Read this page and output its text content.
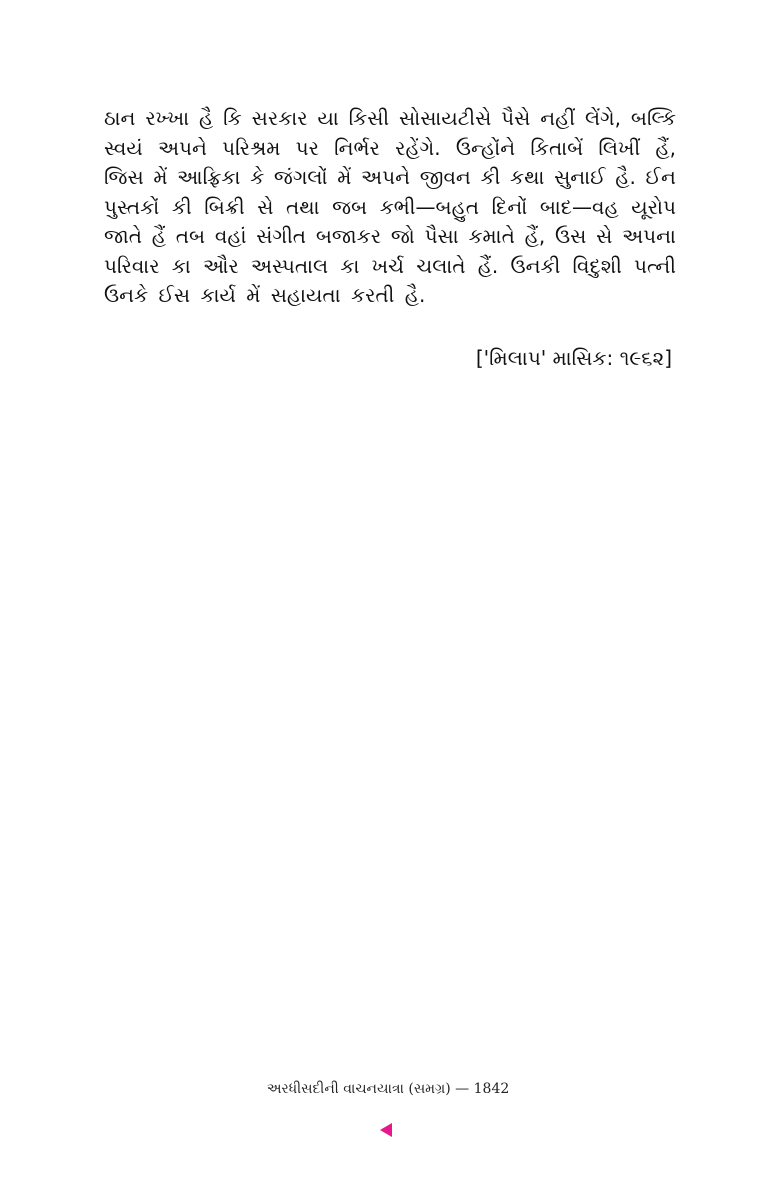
ઠાન રખ્ખા હૈ કિ સરકાર યા કિસી સોસાયટીસે પૈસે નહીં લેંગે, બલ્કિ
સ્વયં અપને પરિશ્રમ પર નિર્ભર રહેંગે. ઉન્હોંને કિતાબેં લિખીં હૈં,
જિસ મેં આફ્રિકા કે જંગલોં મેં અપને જીવન કી કથા સુનાઈ હૈ. ઈન
પુસ્તકોં કી બિક્રી સે તથા જબ કભી—બહુત દિનોં બાદ—વહ યૂરોપ
જાતે હૈં તબ વહાં સંગીત બજાકર જો પૈસા કમાતે હૈં, ઉસ સે અપના
પરિવાર કા ઔર અસ્પતાલ કા ખર્ચ ચલાતે હૈં. ઉનકી વિદુશી પત્ની
ઉનકે ઈસ કાર્ય મેં સહાયતા કરતી હૈ.
['મિલાપ' માસિક: ૧૯૬૨]
અરધીસદીની વાચનયાત્રા (સમગ્ર) — 1842
